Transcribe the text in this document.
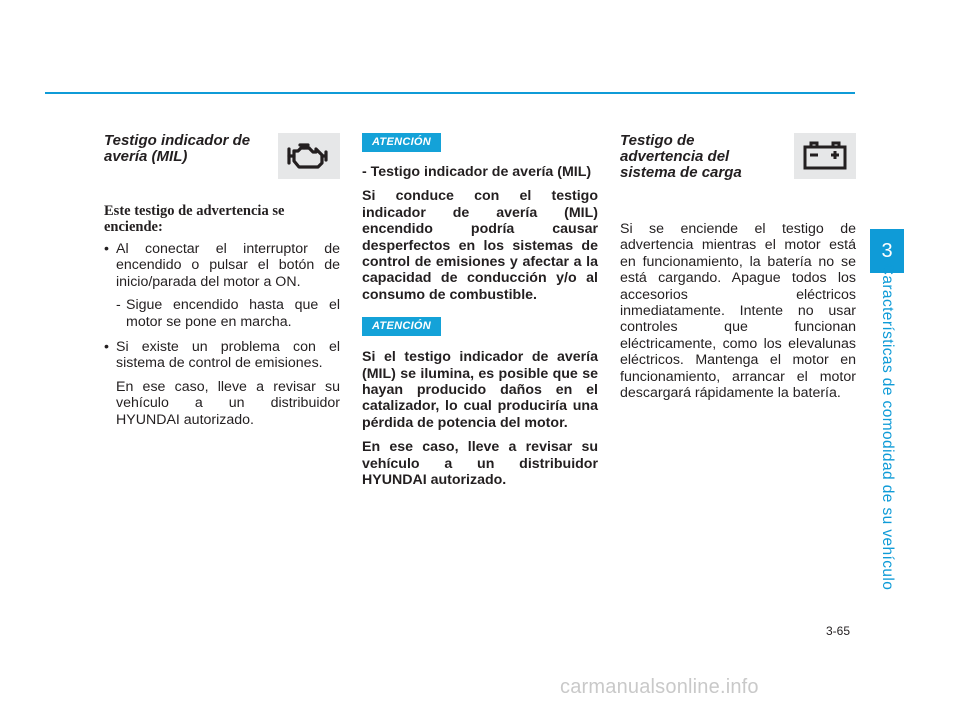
Testigo indicador de avería (MIL)
Este testigo de advertencia se enciende:
• Al conectar el interruptor de encendido o pulsar el botón de inicio/parada del motor a ON.
- Sigue encendido hasta que el motor se pone en marcha.
• Si existe un problema con el sistema de control de emisiones.
En ese caso, lleve a revisar su vehículo a un distribuidor HYUNDAI autorizado.
ATENCIÓN

- Testigo indicador de avería (MIL)

Si conduce con el testigo indicador de avería (MIL) encendido podría causar desperfectos en los sistemas de control de emisiones y afectar a la capacidad de conducción y/o al consumo de combustible.

ATENCIÓN

Si el testigo indicador de avería (MIL) se ilumina, es posible que se hayan producido daños en el catalizador, lo cual produciría una pérdida de potencia del motor.

En ese caso, lleve a revisar su vehículo a un distribuidor HYUNDAI autorizado.

Testigo de advertencia del sistema de carga

Si se enciende el testigo de advertencia mientras el motor está en funcionamiento, la batería no se está cargando. Apague todos los accesorios eléctricos inmediatamente. Intente no usar controles que funcionan eléctricamente, como los elevalunas eléctricos. Mantenga el motor en funcionamiento, arrancar el motor descargará rápidamente la batería.

3
Características de comodidad de su vehículo
3-65
carmanualsonline.info
